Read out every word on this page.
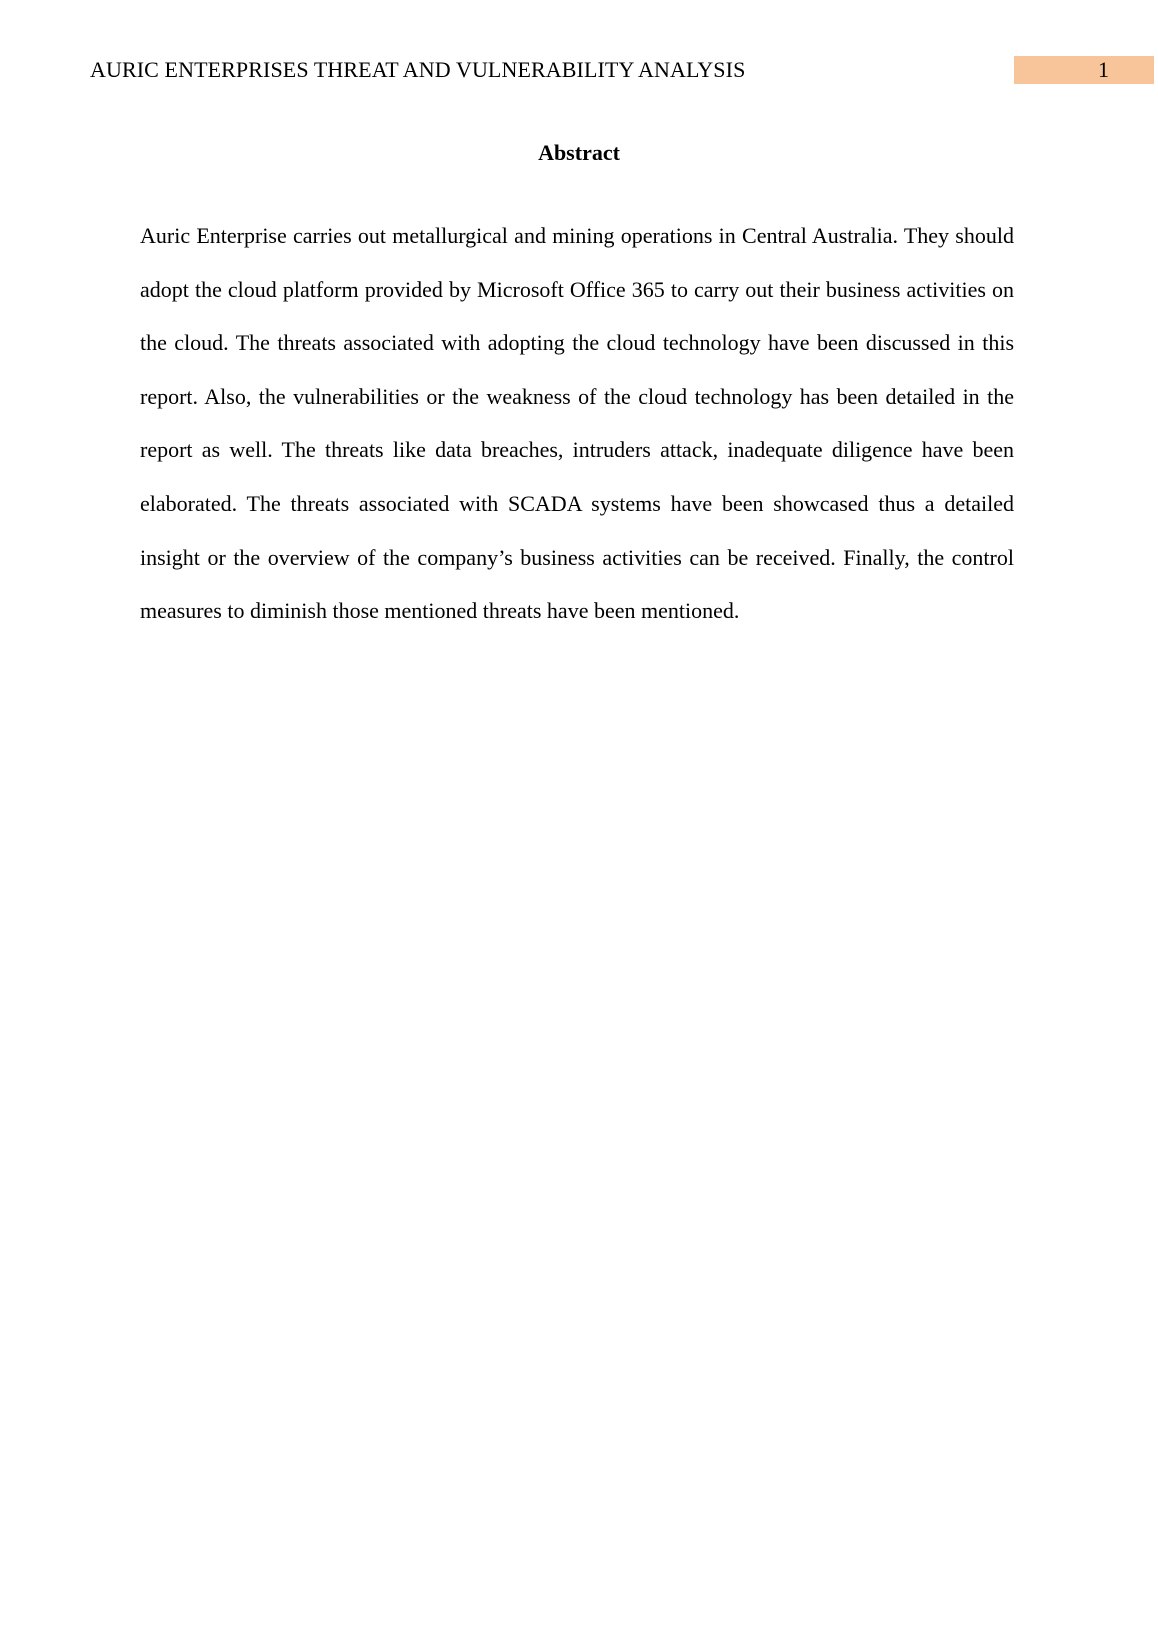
AURIC ENTERPRISES THREAT AND VULNERABILITY ANALYSIS	1
Abstract

Auric Enterprise carries out metallurgical and mining operations in Central Australia. They should adopt the cloud platform provided by Microsoft Office 365 to carry out their business activities on the cloud. The threats associated with adopting the cloud technology have been discussed in this report. Also, the vulnerabilities or the weakness of the cloud technology has been detailed in the report as well. The threats like data breaches, intruders attack, inadequate diligence have been elaborated. The threats associated with SCADA systems have been showcased thus a detailed insight or the overview of the company’s business activities can be received. Finally, the control measures to diminish those mentioned threats have been mentioned.
